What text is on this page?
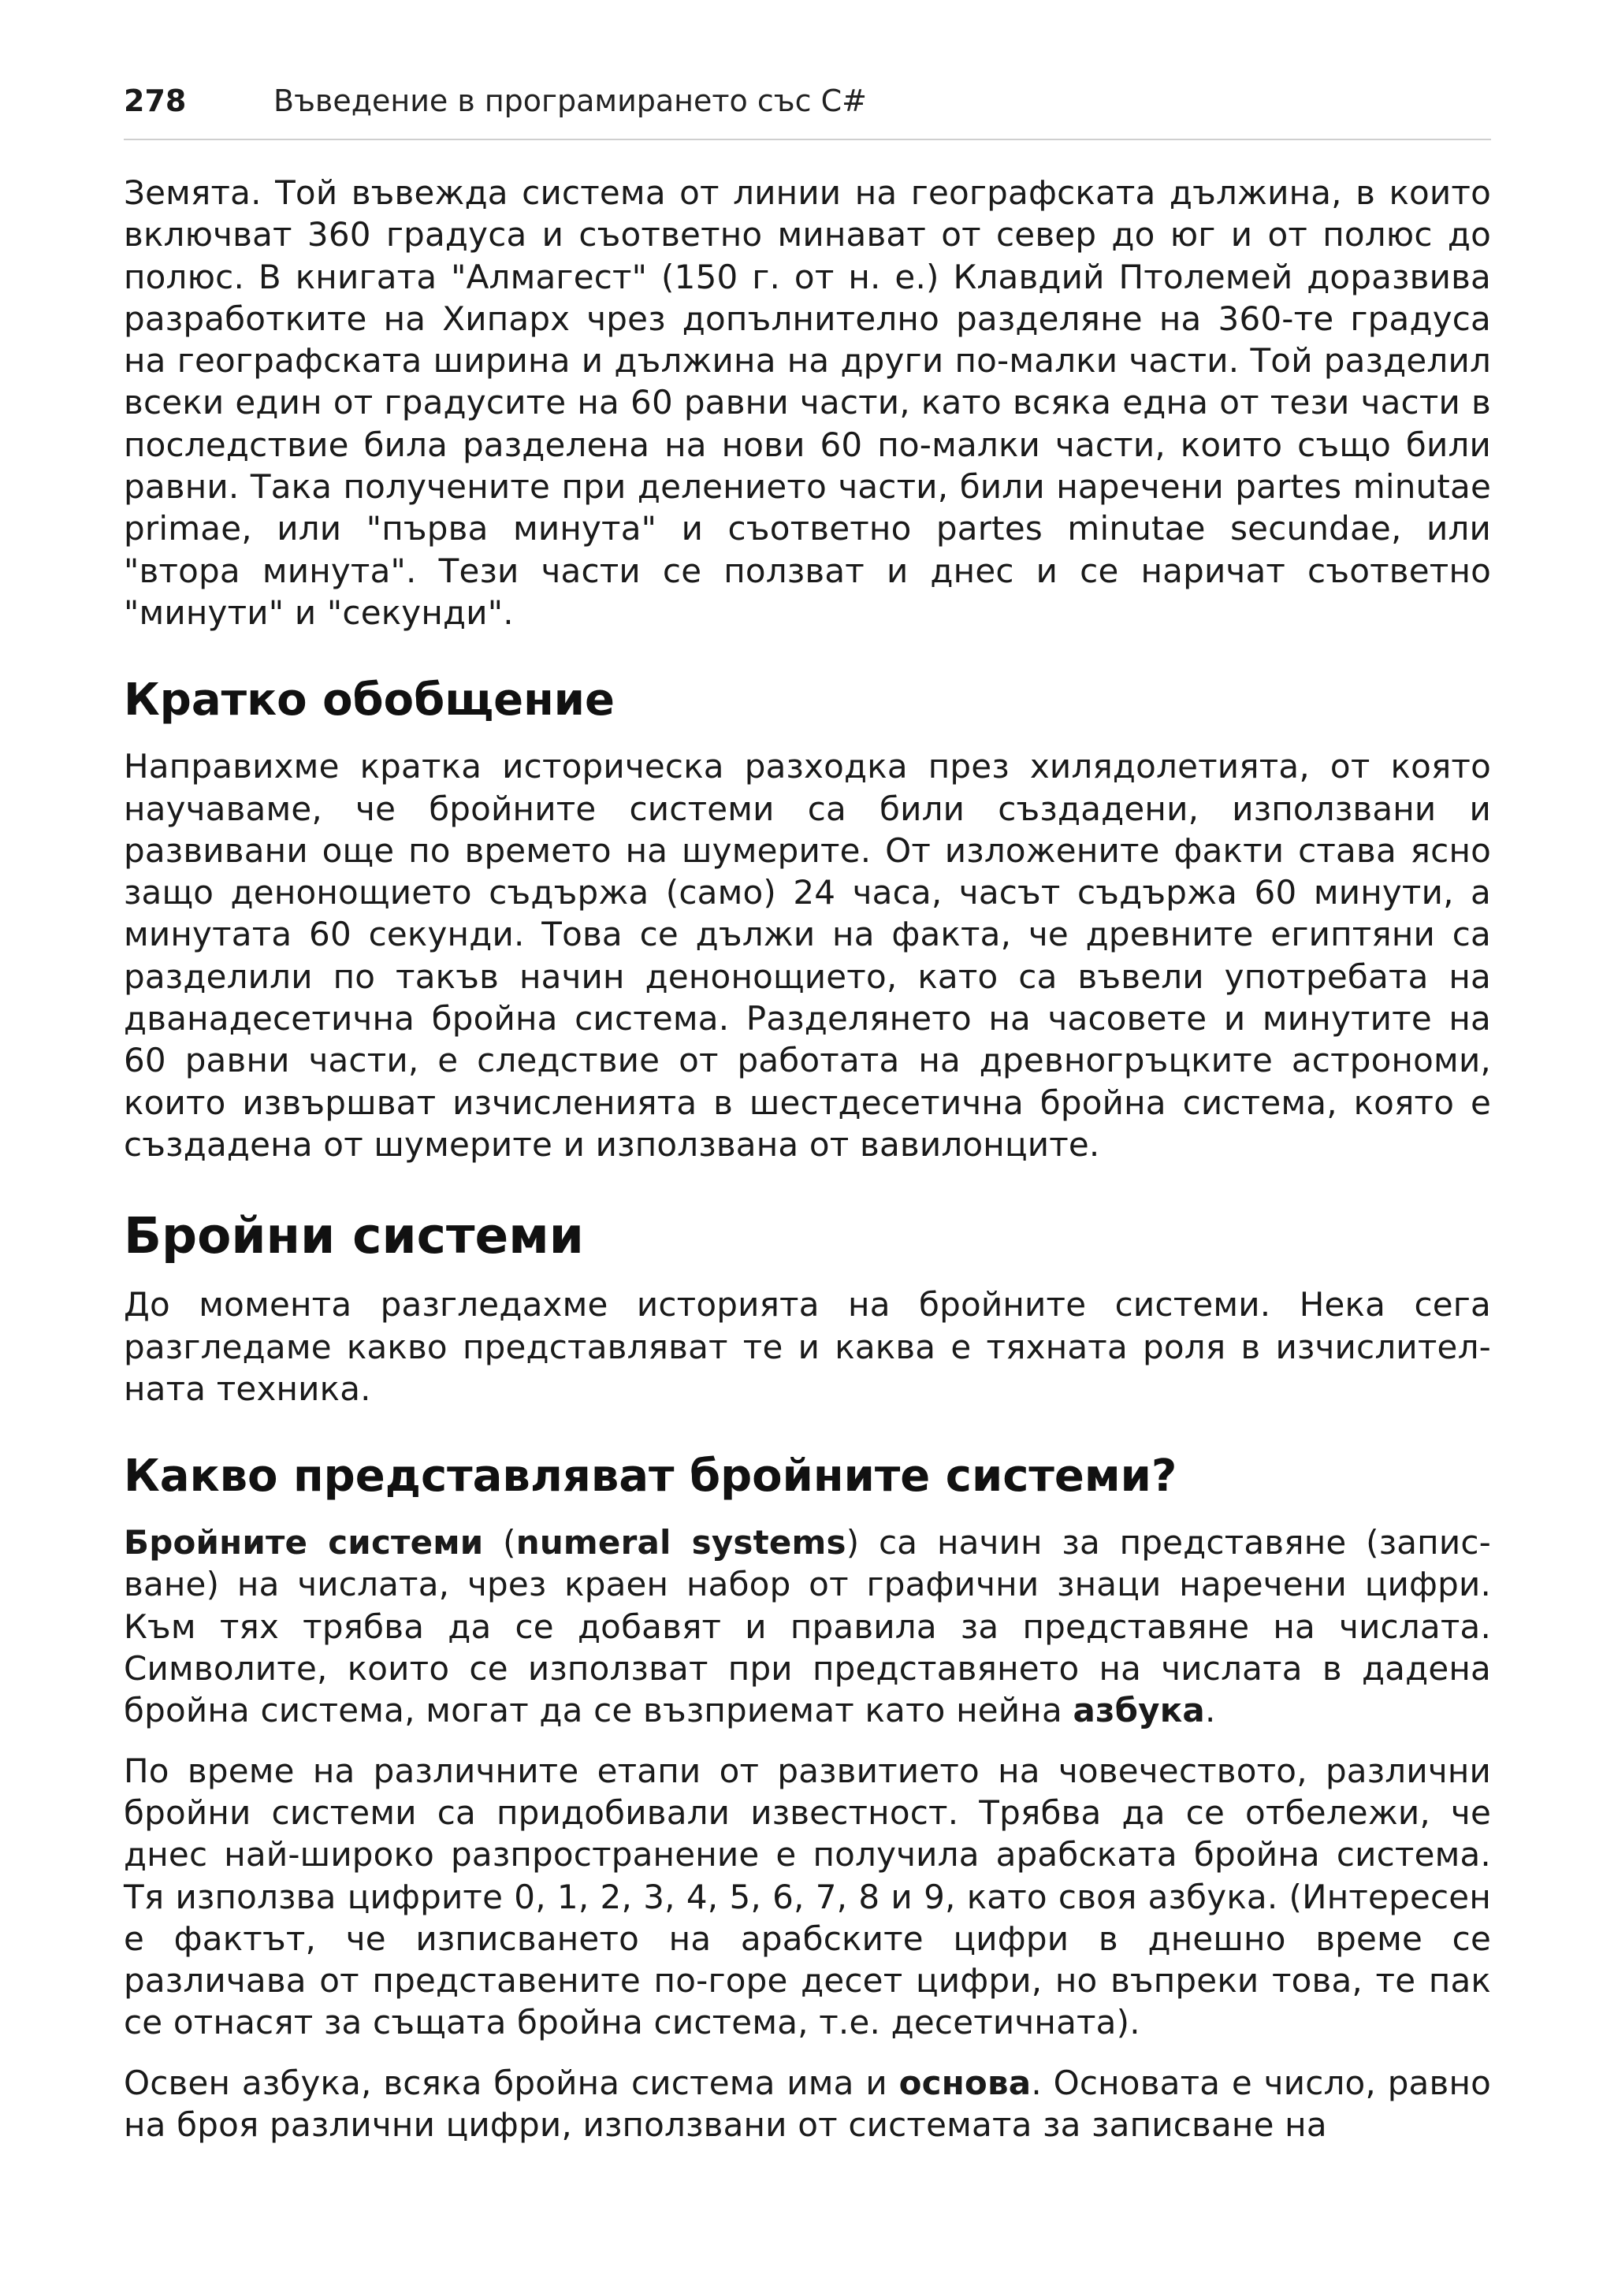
278	Въведение в програмирането със C#

Земята. Той въвежда система от линии на географската дължина, в които включват 360 градуса и съответно минават от север до юг и от полюс до полюс. В книгата "Алмагест" (150 г. от н. е.) Клавдий Птолемей доразвива разработките на Хипарх чрез допълнително разделяне на 360-те градуса на географската ширина и дължина на други по-малки части. Той разделил всеки един от градусите на 60 равни части, като всяка една от тези части в последствие била разделена на нови 60 по-малки части, които също били равни. Така получените при делението части, били наречени partes minutae primae, или "първа минута" и съответно partes minutae secundae, или "втора минута". Тези части се ползват и днес и се наричат съответно "минути" и "секунди".

Кратко обобщение

Направихме кратка историческа разходка през хилядолетията, от която научаваме, че бройните системи са били създадени, използвани и развивани още по времето на шумерите. От изложените факти става ясно защо денонощието съдържа (само) 24 часа, часът съдържа 60 минути, а минутата 60 секунди. Това се дължи на факта, че древните египтяни са разделили по такъв начин денонощието, като са въвели употребата на дванадесетична бройна система. Разделянето на часовете и минутите на 60 равни части, е следствие от работата на древногръцките астрономи, които извършват изчисленията в шестдесетична бройна система, която е създадена от шумерите и използвана от вавилонците.

Бройни системи

До момента разгледахме историята на бройните системи. Нека сега разгледаме какво представляват те и каква е тяхната роля в изчислител-ната техника.

Какво представляват бройните системи?

Бройните системи (numeral systems) са начин за представяне (запис-ване) на числата, чрез краен набор от графични знаци наречени цифри. Към тях трябва да се добавят и правила за представяне на числата. Символите, които се използват при представянето на числата в дадена бройна система, могат да се възприемат като нейна азбука.

По време на различните етапи от развитието на човечеството, различни бройни системи са придобивали известност. Трябва да се отбележи, че днес най-широко разпространение е получила арабската бройна система. Тя използва цифрите 0, 1, 2, 3, 4, 5, 6, 7, 8 и 9, като своя азбука. (Интересен е фактът, че изписването на арабските цифри в днешно време се различава от представените по-горе десет цифри, но въпреки това, те пак се отнасят за същата бройна система, т.е. десетичната).

Освен азбука, всяка бройна система има и основа. Основата е число, равно на броя различни цифри, използвани от системата за записване на
